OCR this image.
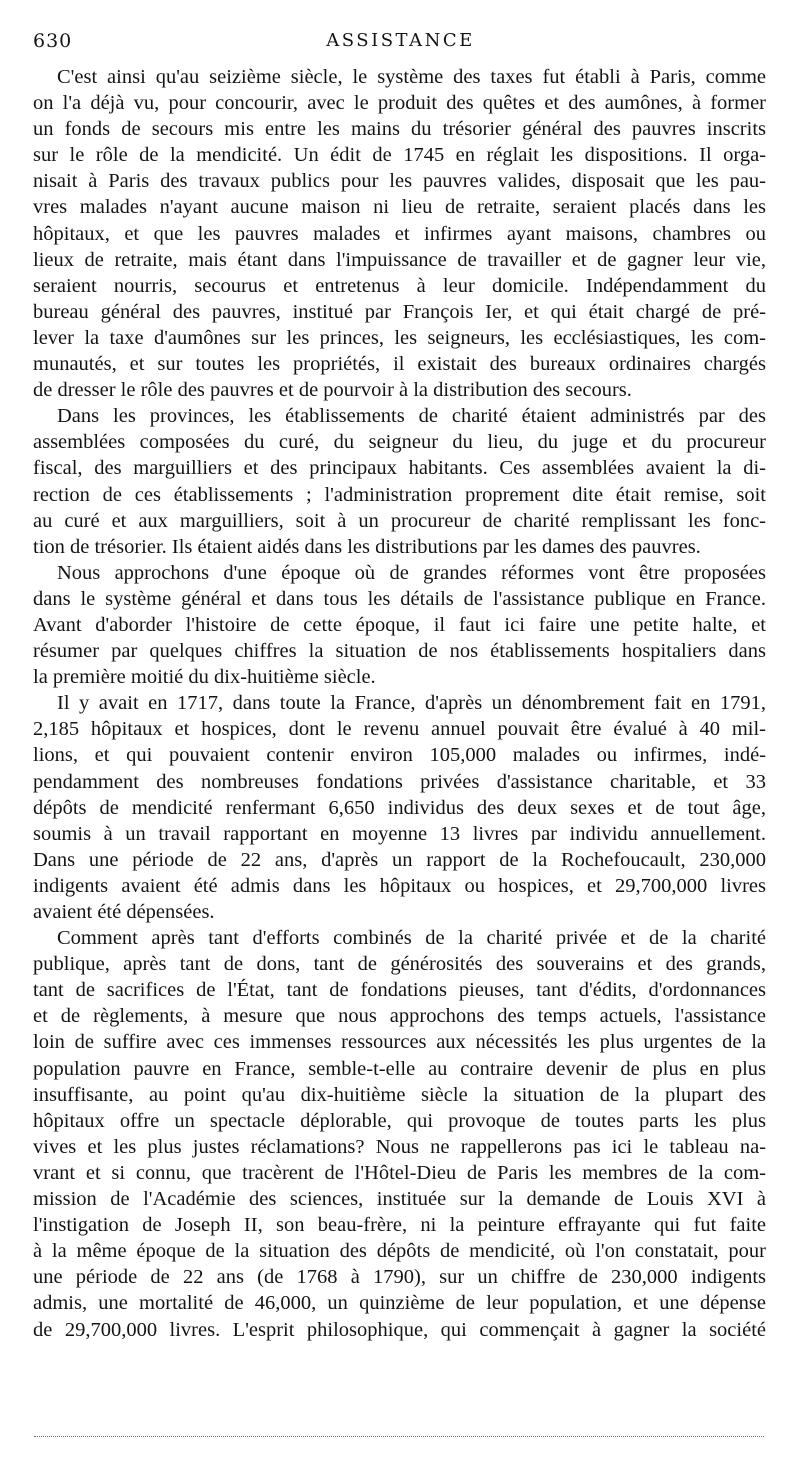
630	ASSISTANCE
C'est ainsi qu'au seizième siècle, le système des taxes fut établi à Paris, comme
on l'a déjà vu, pour concourir, avec le produit des quêtes et des aumônes, à former
un fonds de secours mis entre les mains du trésorier général des pauvres inscrits
sur le rôle de la mendicité. Un édit de 1745 en réglait les dispositions. Il orga-
nisait à Paris des travaux publics pour les pauvres valides, disposait que les pau-
vres malades n'ayant aucune maison ni lieu de retraite, seraient placés dans les
hôpitaux, et que les pauvres malades et infirmes ayant maisons, chambres ou
lieux de retraite, mais étant dans l'impuissance de travailler et de gagner leur vie,
seraient nourris, secourus et entretenus à leur domicile. Indépendamment du
bureau général des pauvres, institué par François Ier, et qui était chargé de pré-
lever la taxe d'aumônes sur les princes, les seigneurs, les ecclésiastiques, les com-
munautés, et sur toutes les propriétés, il existait des bureaux ordinaires chargés
de dresser le rôle des pauvres et de pourvoir à la distribution des secours.
Dans les provinces, les établissements de charité étaient administrés par des
assemblées composées du curé, du seigneur du lieu, du juge et du procureur
fiscal, des marguilliers et des principaux habitants. Ces assemblées avaient la di-
rection de ces établissements ; l'administration proprement dite était remise, soit
au curé et aux marguilliers, soit à un procureur de charité remplissant les fonc-
tion de trésorier. Ils étaient aidés dans les distributions par les dames des pauvres.
Nous approchons d'une époque où de grandes réformes vont être proposées
dans le système général et dans tous les détails de l'assistance publique en France.
Avant d'aborder l'histoire de cette époque, il faut ici faire une petite halte, et
résumer par quelques chiffres la situation de nos établissements hospitaliers dans
la première moitié du dix-huitième siècle.
Il y avait en 1717, dans toute la France, d'après un dénombrement fait en 1791,
2,185 hôpitaux et hospices, dont le revenu annuel pouvait être évalué à 40 mil-
lions, et qui pouvaient contenir environ 105,000 malades ou infirmes, indé-
pendamment des nombreuses fondations privées d'assistance charitable, et 33
dépôts de mendicité renfermant 6,650 individus des deux sexes et de tout âge,
soumis à un travail rapportant en moyenne 13 livres par individu annuellement.
Dans une période de 22 ans, d'après un rapport de la Rochefoucault, 230,000
indigents avaient été admis dans les hôpitaux ou hospices, et 29,700,000 livres
avaient été dépensées.
Comment après tant d'efforts combinés de la charité privée et de la charité
publique, après tant de dons, tant de générosités des souverains et des grands,
tant de sacrifices de l'État, tant de fondations pieuses, tant d'édits, d'ordonnances
et de règlements, à mesure que nous approchons des temps actuels, l'assistance
loin de suffire avec ces immenses ressources aux nécessités les plus urgentes de la
population pauvre en France, semble-t-elle au contraire devenir de plus en plus
insuffisante, au point qu'au dix-huitième siècle la situation de la plupart des
hôpitaux offre un spectacle déplorable, qui provoque de toutes parts les plus
vives et les plus justes réclamations? Nous ne rappellerons pas ici le tableau na-
vrant et si connu, que tracèrent de l'Hôtel-Dieu de Paris les membres de la com-
mission de l'Académie des sciences, instituée sur la demande de Louis XVI à
l'instigation de Joseph II, son beau-frère, ni la peinture effrayante qui fut faite
à la même époque de la situation des dépôts de mendicité, où l'on constatait, pour
une période de 22 ans (de 1768 à 1790), sur un chiffre de 230,000 indigents
admis, une mortalité de 46,000, un quinzième de leur population, et une dépense
de 29,700,000 livres. L'esprit philosophique, qui commençait à gagner la société
